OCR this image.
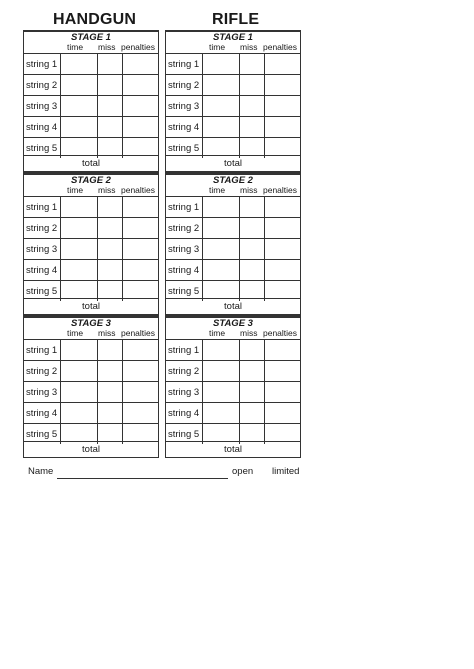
HANDGUN	RIFLE
STAGE 1
time miss penalties
string 1
string 2
string 3
string 4
string 5
total
STAGE 2
time miss penalties
string 1
string 2
string 3
string 4
string 5
total
STAGE 3
time miss penalties
string 1
string 2
string 3
string 4
string 5
total
STAGE 1
time miss penalties
string 1
string 2
string 3
string 4
string 5
total
STAGE 2
time miss penalties
string 1
string 2
string 3
string 4
string 5
total
STAGE 3
time miss penalties
string 1
string 2
string 3
string 4
string 5
total
Name	open limited
